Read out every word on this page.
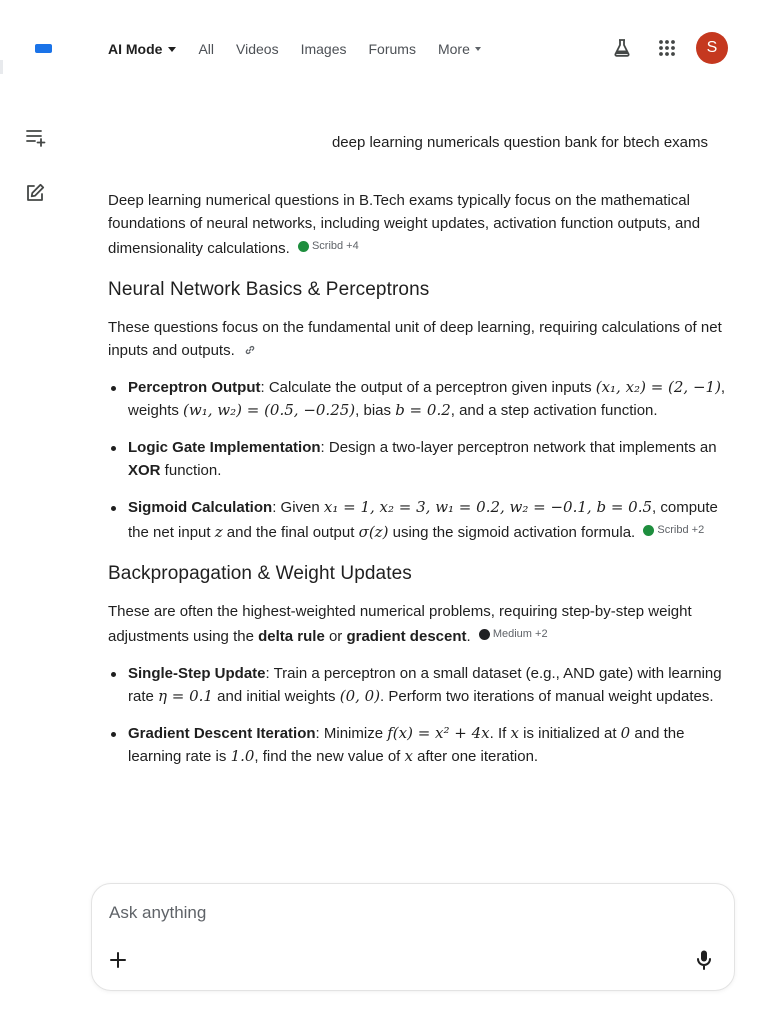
AI Mode	All Videos Images Forums More	S
deep learning numericals question bank for btech exams

Deep learning numerical questions in B.Tech exams typically focus on the mathematical foundations of neural networks, including weight updates, activation function outputs, and dimensionality calculations. Scribd +4

Neural Network Basics & Perceptrons

These questions focus on the fundamental unit of deep learning, requiring calculations of net inputs and outputs.

Perceptron Output: Calculate the output of a perceptron given inputs (x₁, x₂) = (2, −1), weights (w₁, w₂) = (0.5, −0.25), bias b = 0.2, and a step activation function.
Logic Gate Implementation: Design a two-layer perceptron network that implements an XOR function.
Sigmoid Calculation: Given x₁ = 1, x₂ = 3, w₁ = 0.2, w₂ = −0.1, b = 0.5, compute the net input z and the final output σ(z) using the sigmoid activation formula. Scribd +2
Backpropagation & Weight Updates

These are often the highest-weighted numerical problems, requiring step-by-step weight adjustments using the delta rule or gradient descent. Medium +2

Single-Step Update: Train a perceptron on a small dataset (e.g., AND gate) with learning rate η = 0.1 and initial weights (0, 0). Perform two iterations of manual weight updates.
Gradient Descent Iteration: Minimize f(x) = x² + 4x. If x is initialized at 0 and the learning rate is 1.0, find the new value of x after one iteration.
Ask anything
